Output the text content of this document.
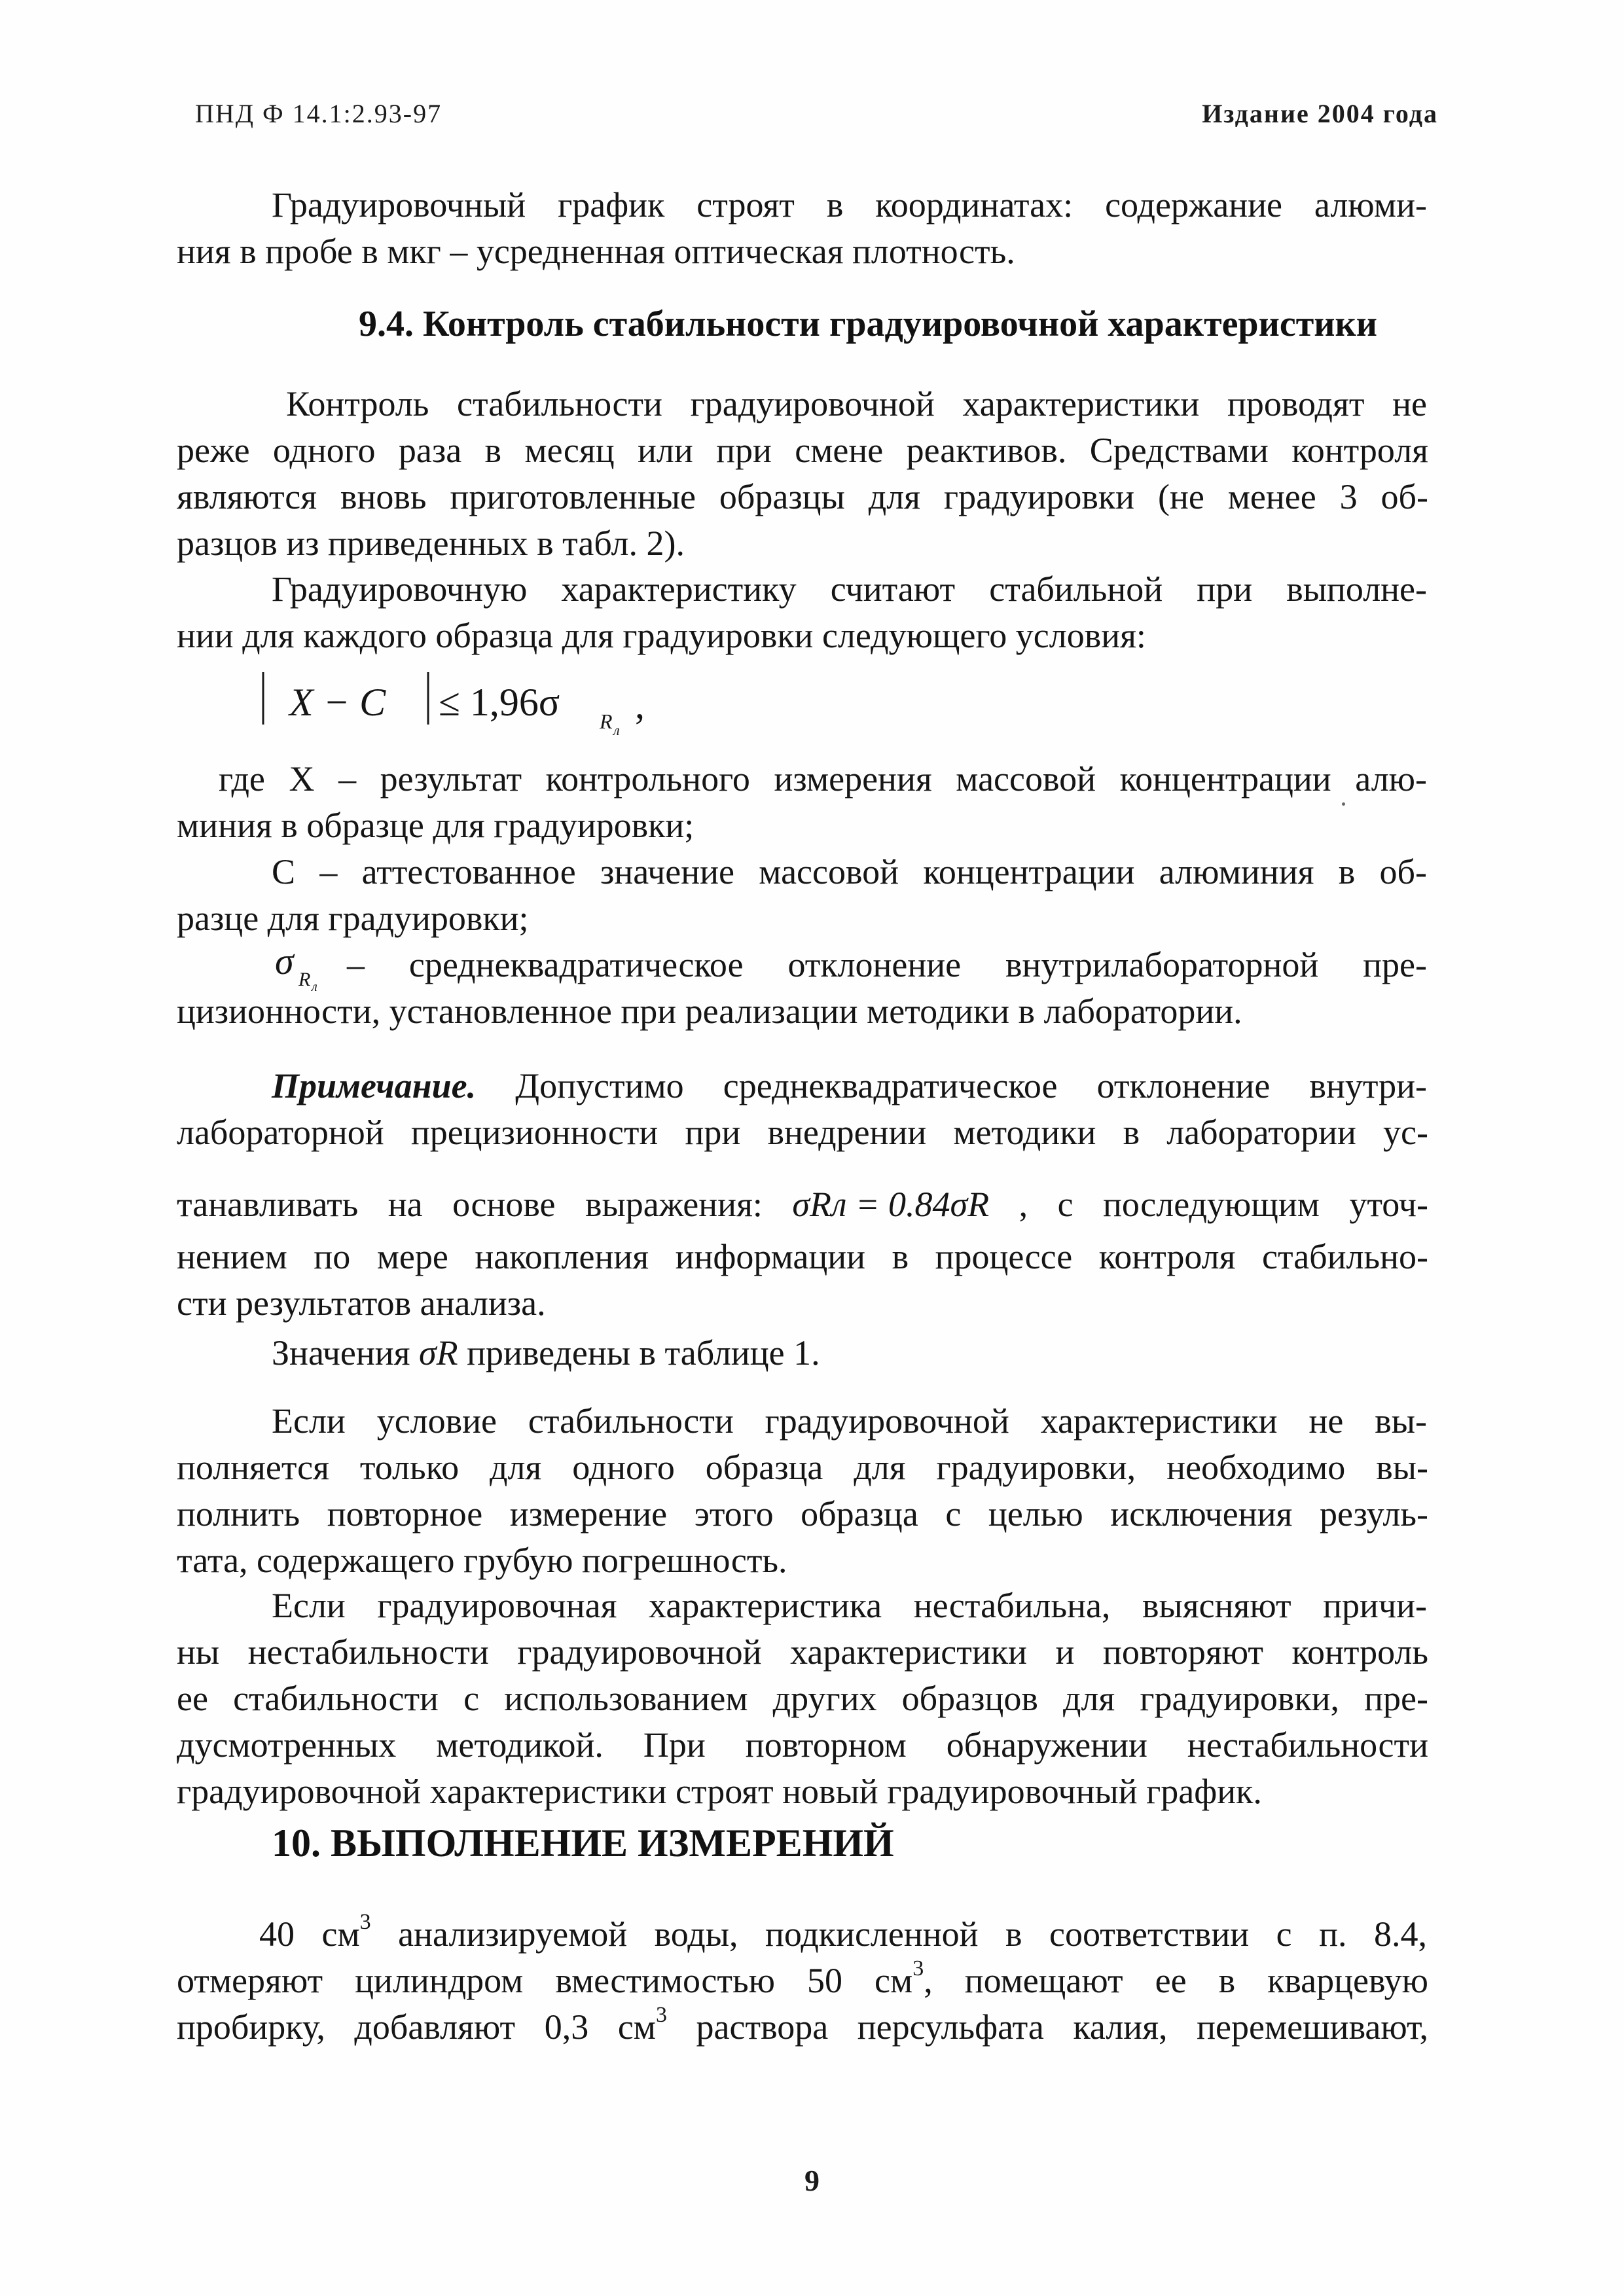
ПНД Ф 14.1:2.93-97	Издание 2004 года
Градуировочный график строят в координатах: содержание алюми-
ния в пробе в мкг – усредненная оптическая плотность.
9.4. Контроль стабильности градуировочной характеристики
Контроль стабильности градуировочной характеристики проводят не
реже одного раза в месяц или при смене реактивов. Средствами контроля
являются вновь приготовленные образцы для градуировки (не менее 3 об-
разцов из приведенных в табл. 2).
Градуировочную характеристику считают стабильной при выполне-
нии для каждого образца для градуировки следующего условия:
X − C ≤ 1,96σ R л
,
где X – результат контрольного измерения массовой концентрации алю-
миния в образце для градуировки;
C – аттестованное значение массовой концентрации алюминия в об-
разце для градуировки;
σ R л
– среднеквадратическое отклонение внутрилабораторной пре-
цизионности, установленное при реализации методики в лаборатории.
Примечание. Допустимо среднеквадратическое отклонение внутри-
лабораторной прецизионности при внедрении методики в лаборатории ус-
танавливать на основе выражения: σRл = 0.84σR , с последующим уточ-
нением по мере накопления информации в процессе контроля стабильно-
сти результатов анализа.
Значения σR приведены в таблице 1.
Если условие стабильности градуировочной характеристики не вы-
полняется только для одного образца для градуировки, необходимо вы-
полнить повторное измерение этого образца с целью исключения резуль-
тата, содержащего грубую погрешность.
Если градуировочная характеристика нестабильна, выясняют причи-
ны нестабильности градуировочной характеристики и повторяют контроль
ее стабильности с использованием других образцов для градуировки, пре-
дусмотренных методикой. При повторном обнаружении нестабильности
градуировочной характеристики строят новый градуировочный график.
10. ВЫПОЛНЕНИЕ ИЗМЕРЕНИЙ
40 $см^3$ анализируемой воды, подкисленной в соответствии с п. 8.4,
отмеряют цилиндром вместимостью 50 $см^3$, помещают ее в кварцевую
пробирку, добавляют 0,3 $см^3$ раствора персульфата калия, перемешивают,
9
